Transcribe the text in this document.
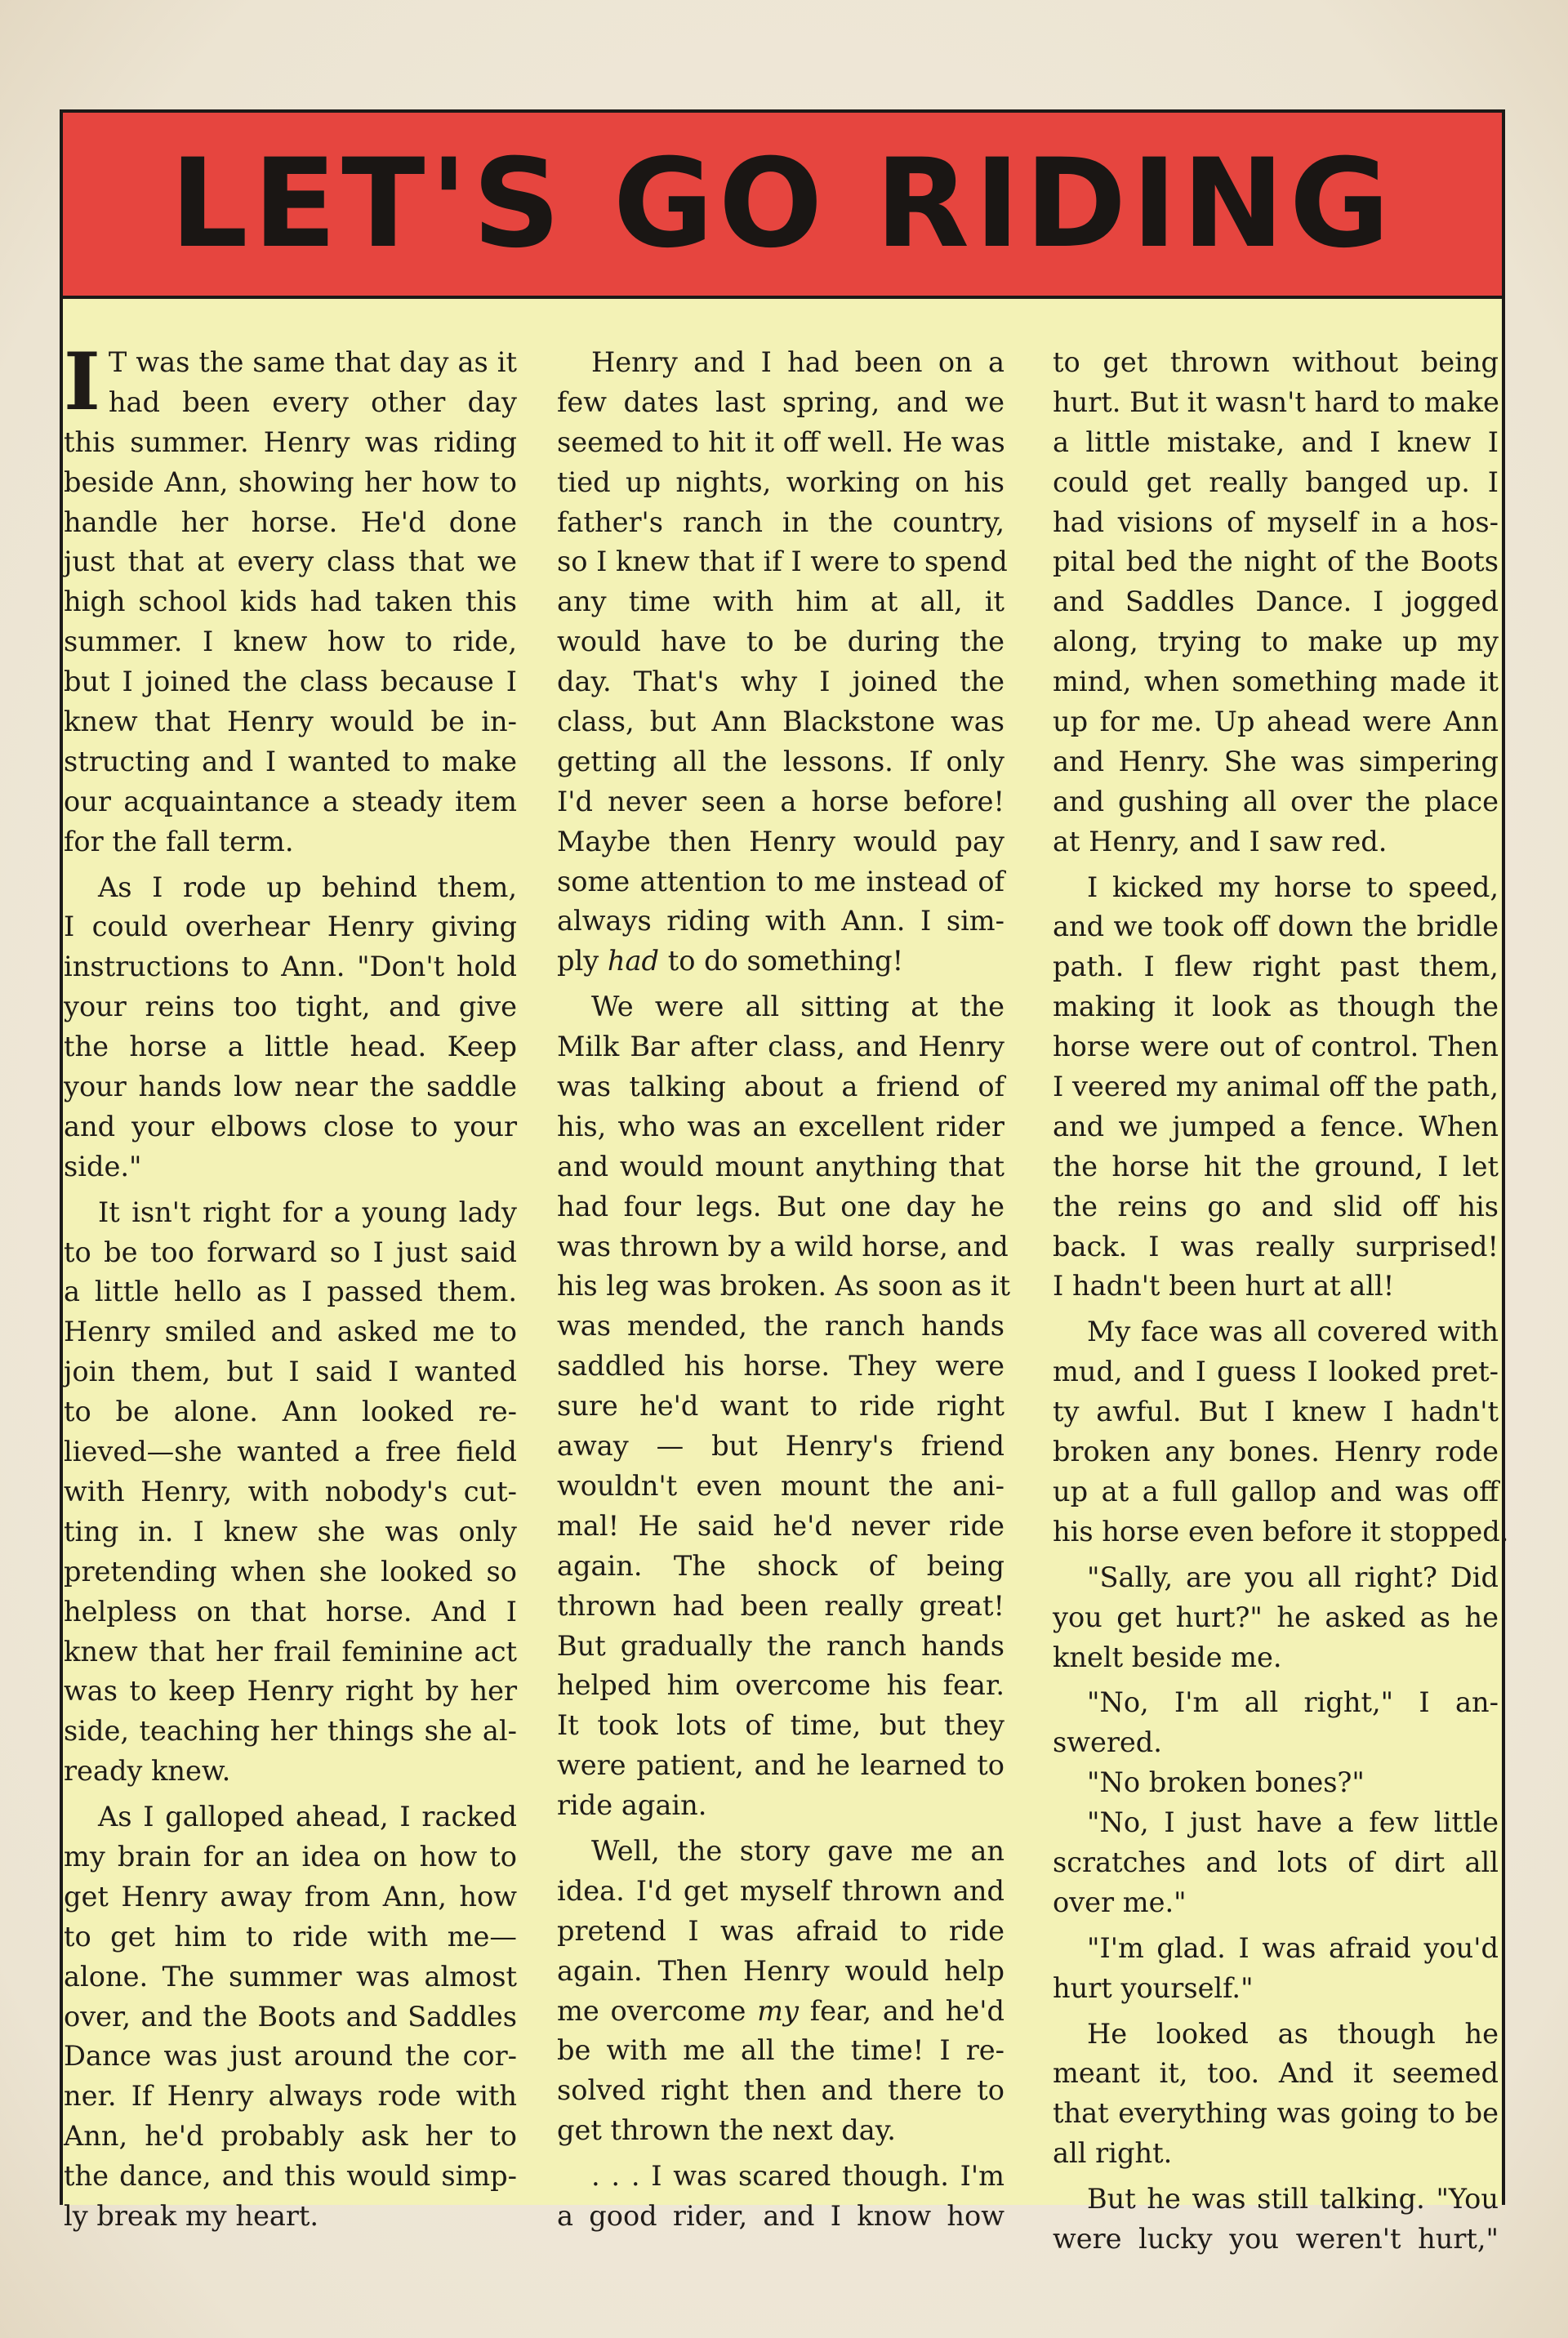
LET'S GO RIDING
I T was the same that day as it
had been every other day
this summer. Henry was riding
beside Ann, showing her how to
handle her horse. He'd done
just that at every class that we
high school kids had taken this
summer. I knew how to ride,
but I joined the class because I
knew that Henry would be in-
structing and I wanted to make
our acquaintance a steady item
for the fall term.
As I rode up behind them,
I could overhear Henry giving
instructions to Ann. "Don't hold
your reins too tight, and give
the horse a little head. Keep
your hands low near the saddle
and your elbows close to your
side."
It isn't right for a young lady
to be too forward so I just said
a little hello as I passed them.
Henry smiled and asked me to
join them, but I said I wanted
to be alone. Ann looked re-
lieved—she wanted a free field
with Henry, with nobody's cut-
ting in. I knew she was only
pretending when she looked so
helpless on that horse. And I
knew that her frail feminine act
was to keep Henry right by her
side, teaching her things she al-
ready knew.
As I galloped ahead, I racked
my brain for an idea on how to
get Henry away from Ann, how
to get him to ride with me—
alone. The summer was almost
over, and the Boots and Saddles
Dance was just around the cor-
ner. If Henry always rode with
Ann, he'd probably ask her to
the dance, and this would simp-
ly break my heart.
Henry and I had been on a
few dates last spring, and we
seemed to hit it off well. He was
tied up nights, working on his
father's ranch in the country,
so I knew that if I were to spend
any time with him at all, it
would have to be during the
day. That's why I joined the
class, but Ann Blackstone was
getting all the lessons. If only
I'd never seen a horse before!
Maybe then Henry would pay
some attention to me instead of
always riding with Ann. I sim-
ply had to do something!
We were all sitting at the
Milk Bar after class, and Henry
was talking about a friend of
his, who was an excellent rider
and would mount anything that
had four legs. But one day he
was thrown by a wild horse, and
his leg was broken. As soon as it
was mended, the ranch hands
saddled his horse. They were
sure he'd want to ride right
away — but Henry's friend
wouldn't even mount the ani-
mal! He said he'd never ride
again. The shock of being
thrown had been really great!
But gradually the ranch hands
helped him overcome his fear.
It took lots of time, but they
were patient, and he learned to
ride again.
Well, the story gave me an
idea. I'd get myself thrown and
pretend I was afraid to ride
again. Then Henry would help
me overcome my fear, and he'd
be with me all the time! I re-
solved right then and there to
get thrown the next day.
. . . I was scared though. I'm
a good rider, and I know how
to get thrown without being
hurt. But it wasn't hard to make
a little mistake, and I knew I
could get really banged up. I
had visions of myself in a hos-
pital bed the night of the Boots
and Saddles Dance. I jogged
along, trying to make up my
mind, when something made it
up for me. Up ahead were Ann
and Henry. She was simpering
and gushing all over the place
at Henry, and I saw red.
I kicked my horse to speed,
and we took off down the bridle
path. I flew right past them,
making it look as though the
horse were out of control. Then
I veered my animal off the path,
and we jumped a fence. When
the horse hit the ground, I let
the reins go and slid off his
back. I was really surprised!
I hadn't been hurt at all!
My face was all covered with
mud, and I guess I looked pret-
ty awful. But I knew I hadn't
broken any bones. Henry rode
up at a full gallop and was off
his horse even before it stopped.
"Sally, are you all right? Did
you get hurt?" he asked as he
knelt beside me.
"No, I'm all right," I an-
swered.
"No broken bones?"
"No, I just have a few little
scratches and lots of dirt all
over me."
"I'm glad. I was afraid you'd
hurt yourself."
He looked as though he
meant it, too. And it seemed
that everything was going to be
all right.
But he was still talking. "You
were lucky you weren't hurt,"
